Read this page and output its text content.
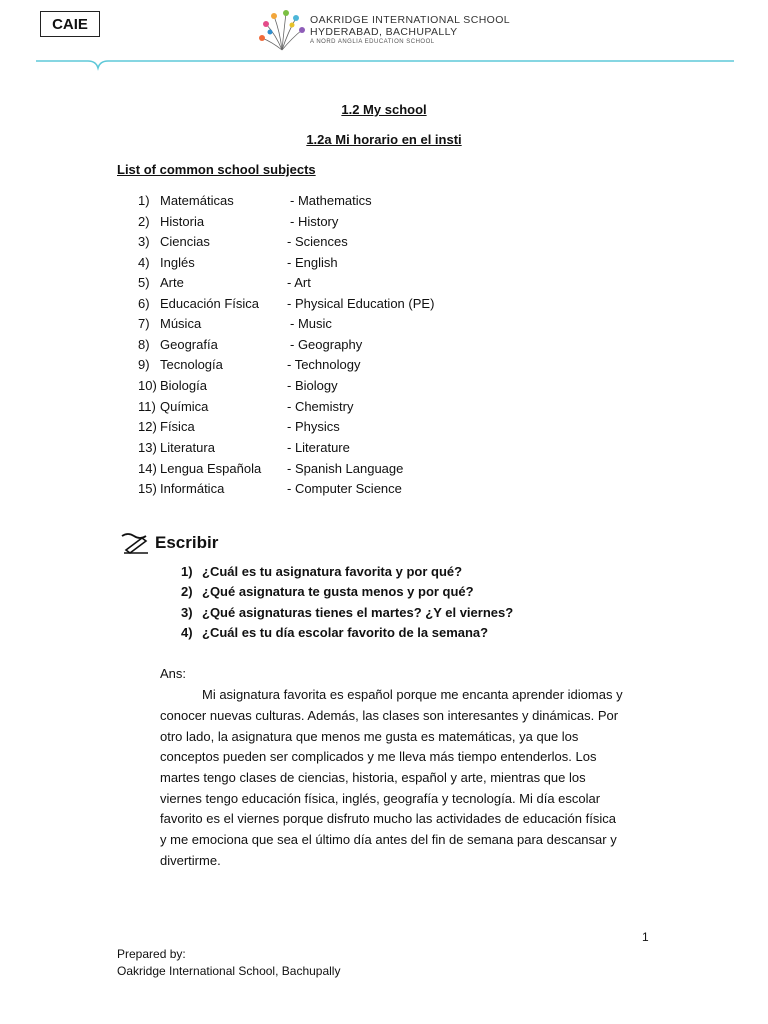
CAIE	OAKRIDGE INTERNATIONAL SCHOOL
HYDERABAD, BACHUPALLY
A NORD ANGLIA EDUCATION SCHOOL
1.2 My school
1.2a Mi horario en el insti
List of common school subjects
1) Matemáticas	- Mathematics
2) Historia	- History
3) Ciencias	- Sciences
4) Inglés	- English
5) Arte	- Art
6) Educación Física - Physical Education (PE)
7) Música	- Music
8) Geografía	- Geography
9) Tecnología	- Technology
10) Biología	- Biology
11) Química	- Chemistry
12) Física	- Physics
13) Literatura	- Literature
14) Lengua Española - Spanish Language
15) Informática	- Computer Science
Escribir
1) ¿Cuál es tu asignatura favorita y por qué?
2) ¿Qué asignatura te gusta menos y por qué?
3) ¿Qué asignaturas tienes el martes? ¿Y el viernes?
4) ¿Cuál es tu día escolar favorito de la semana?
Ans:
Mi asignatura favorita es español porque me encanta aprender idiomas y
conocer nuevas culturas. Además, las clases son interesantes y dinámicas. Por
otro lado, la asignatura que menos me gusta es matemáticas, ya que los
conceptos pueden ser complicados y me lleva más tiempo entenderlos. Los
martes tengo clases de ciencias, historia, español y arte, mientras que los
viernes tengo educación física, inglés, geografía y tecnología. Mi día escolar
favorito es el viernes porque disfruto mucho las actividades de educación física
y me emociona que sea el último día antes del fin de semana para descansar y
divertirme.
1
Prepared by:
Oakridge International School, Bachupally
